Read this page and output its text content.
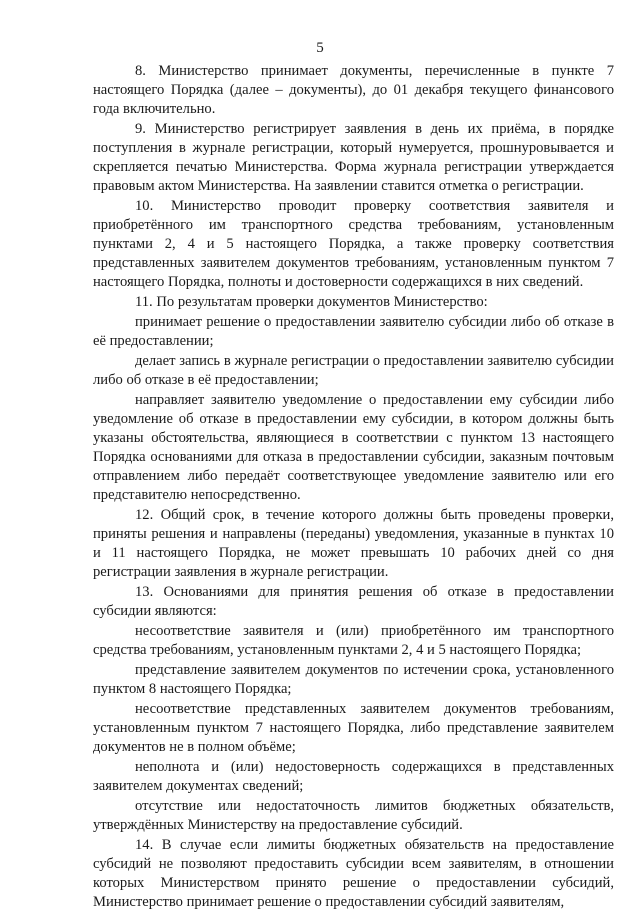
5

8. Министерство принимает документы, перечисленные в пункте 7 настоящего Порядка (далее – документы), до 01 декабря текущего финансового года включительно.

9. Министерство регистрирует заявления в день их приёма, в порядке поступления в журнале регистрации, который нумеруется, прошнуровывается и скрепляется печатью Министерства. Форма журнала регистрации утверждается правовым актом Министерства. На заявлении ставится отметка о регистрации.

10. Министерство проводит проверку соответствия заявителя и приобретённого им транспортного средства требованиям, установленным пунктами 2, 4 и 5 настоящего Порядка, а также проверку соответствия представленных заявителем документов требованиям, установленным пунктом 7 настоящего Порядка, полноты и достоверности содержащихся в них сведений.

11. По результатам проверки документов Министерство:

принимает решение о предоставлении заявителю субсидии либо об отказе в её предоставлении;

делает запись в журнале регистрации о предоставлении заявителю субсидии либо об отказе в её предоставлении;

направляет заявителю уведомление о предоставлении ему субсидии либо уведомление об отказе в предоставлении ему субсидии, в котором должны быть указаны обстоятельства, являющиеся в соответствии с пунктом 13 настоящего Порядка основаниями для отказа в предоставлении субсидии, заказным почтовым отправлением либо передаёт соответствующее уведомление заявителю или его представителю непосредственно.

12. Общий срок, в течение которого должны быть проведены проверки, приняты решения и направлены (переданы) уведомления, указанные в пунктах 10 и 11 настоящего Порядка, не может превышать 10 рабочих дней со дня регистрации заявления в журнале регистрации.

13. Основаниями для принятия решения об отказе в предоставлении субсидии являются:

несоответствие заявителя и (или) приобретённого им транспортного средства требованиям, установленным пунктами 2, 4 и 5 настоящего Порядка;

представление заявителем документов по истечении срока, установленного пунктом 8 настоящего Порядка;

несоответствие представленных заявителем документов требованиям, установленным пунктом 7 настоящего Порядка, либо представление заявителем документов не в полном объёме;

неполнота и (или) недостоверность содержащихся в представленных заявителем документах сведений;

отсутствие или недостаточность лимитов бюджетных обязательств, утверждённых Министерству на предоставление субсидий.

14. В случае если лимиты бюджетных обязательств на предоставление субсидий не позволяют предоставить субсидии всем заявителям, в отношении которых Министерством принято решение о предоставлении субсидий, Министерство принимает решение о предоставлении субсидий заявителям,
